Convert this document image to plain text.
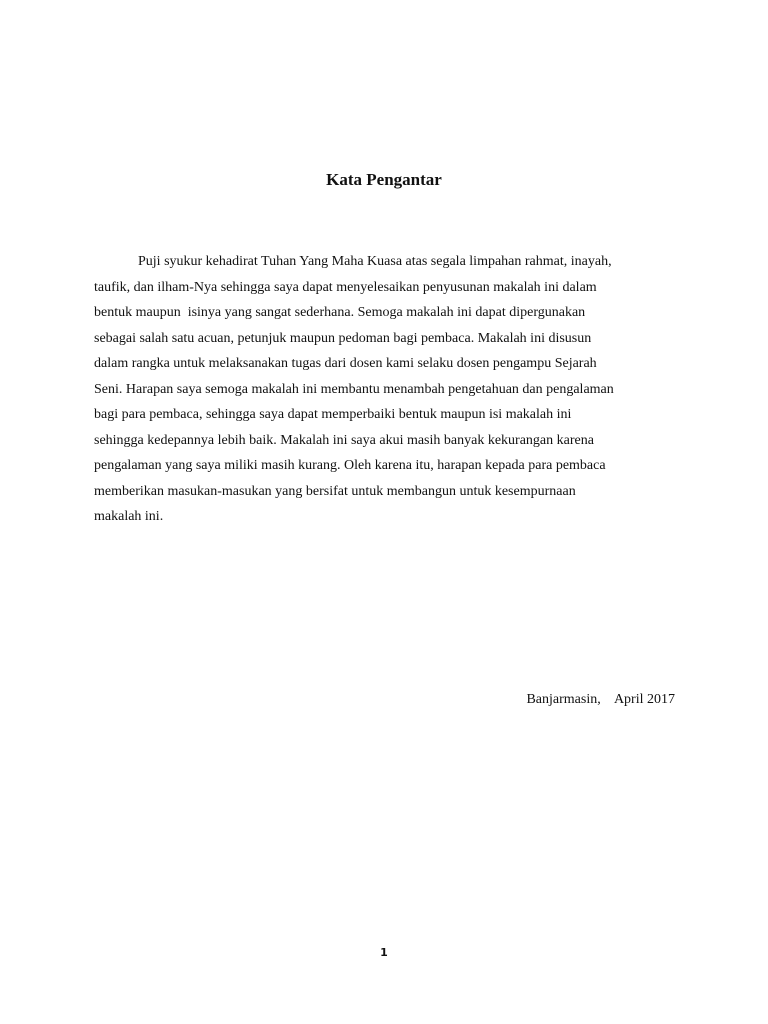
Kata Pengantar
Puji syukur kehadirat Tuhan Yang Maha Kuasa atas segala limpahan rahmat, inayah,
taufik, dan ilham-Nya sehingga saya dapat menyelesaikan penyusunan makalah ini dalam
bentuk maupun  isinya yang sangat sederhana. Semoga makalah ini dapat dipergunakan
sebagai salah satu acuan, petunjuk maupun pedoman bagi pembaca. Makalah ini disusun
dalam rangka untuk melaksanakan tugas dari dosen kami selaku dosen pengampu Sejarah
Seni. Harapan saya semoga makalah ini membantu menambah pengetahuan dan pengalaman
bagi para pembaca, sehingga saya dapat memperbaiki bentuk maupun isi makalah ini
sehingga kedepannya lebih baik. Makalah ini saya akui masih banyak kekurangan karena
pengalaman yang saya miliki masih kurang. Oleh karena itu, harapan kepada para pembaca
memberikan masukan-masukan yang bersifat untuk membangun untuk kesempurnaan
makalah ini.
Banjarmasin,    April 2017
1
